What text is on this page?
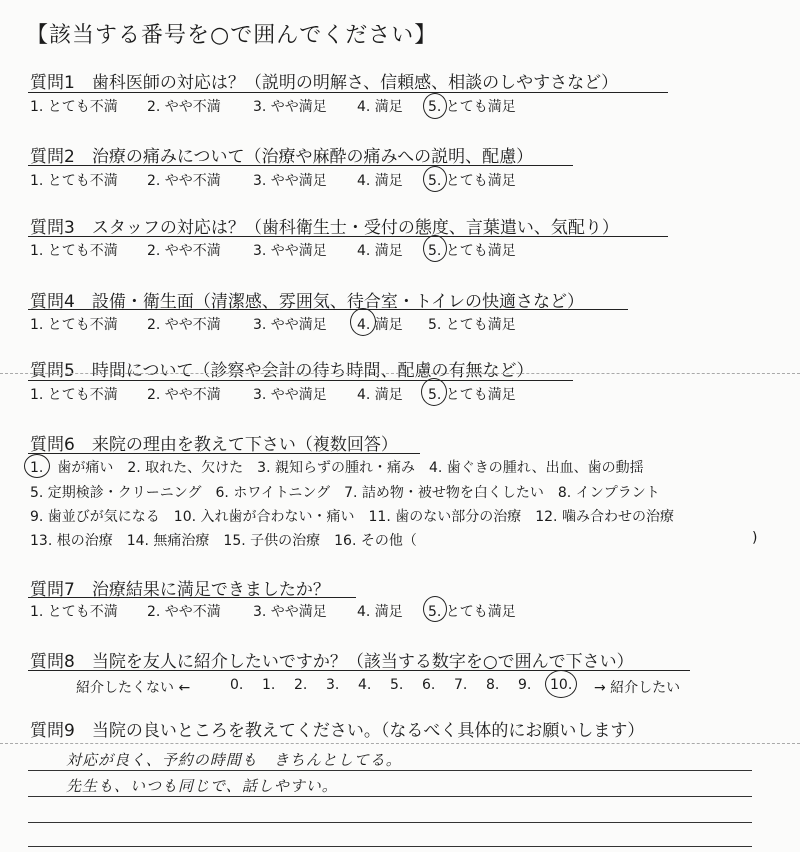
【該当する番号を○で囲んでください】
質問1　歯科医師の対応は？（説明の明解さ、信頼感、相談のしやすさなど）
1. とても不満 2. やや不満 3. やや満足 4. 満足 5. とても満足
質問2　治療の痛みについて（治療や麻酔の痛みへの説明、配慮）
1. とても不満 2. やや不満 3. やや満足 4. 満足 5. とても満足
質問3　スタッフの対応は？（歯科衛生士・受付の態度、言葉遣い、気配り）
1. とても不満 2. やや不満 3. やや満足 4. 満足 5. とても満足
質問4　設備・衛生面（清潔感、雰囲気、待合室・トイレの快適さなど）
1. とても不満 2. やや不満 3. やや満足 4. 満足 5. とても満足
質問5　時間について（診察や会計の待ち時間、配慮の有無など）
1. とても不満 2. やや不満 3. やや満足 4. 満足 5. とても満足
質問6　来院の理由を教えて下さい（複数回答）
1.　歯が痛い　2. 取れた、欠けた　3. 親知らずの腫れ・痛み　4. 歯ぐきの腫れ、出血、歯の動揺
5. 定期検診・クリーニング　6. ホワイトニング　7. 詰め物・被せ物を白くしたい　8. インプラント
9. 歯並びが気になる　10. 入れ歯が合わない・痛い　11. 歯のない部分の治療　12. 噛み合わせの治療
13. 根の治療　14. 無痛治療　15. 子供の治療　16. その他（	)
質問7　治療結果に満足できましたか？
1. とても不満 2. やや不満 3. やや満足 4. 満足 5. とても満足
質問8　当院を友人に紹介したいですか？（該当する数字を○で囲んで下さい）
紹介したくない ←	0. 1. 2. 3. 4. 5. 6. 7. 8. 9. 10. → 紹介したい
質問9　当院の良いところを教えてください。（なるべく具体的にお願いします）
対応が良く、予約の時間も　きちんとしてる。
先生も、いつも同じで、話しやすい。
